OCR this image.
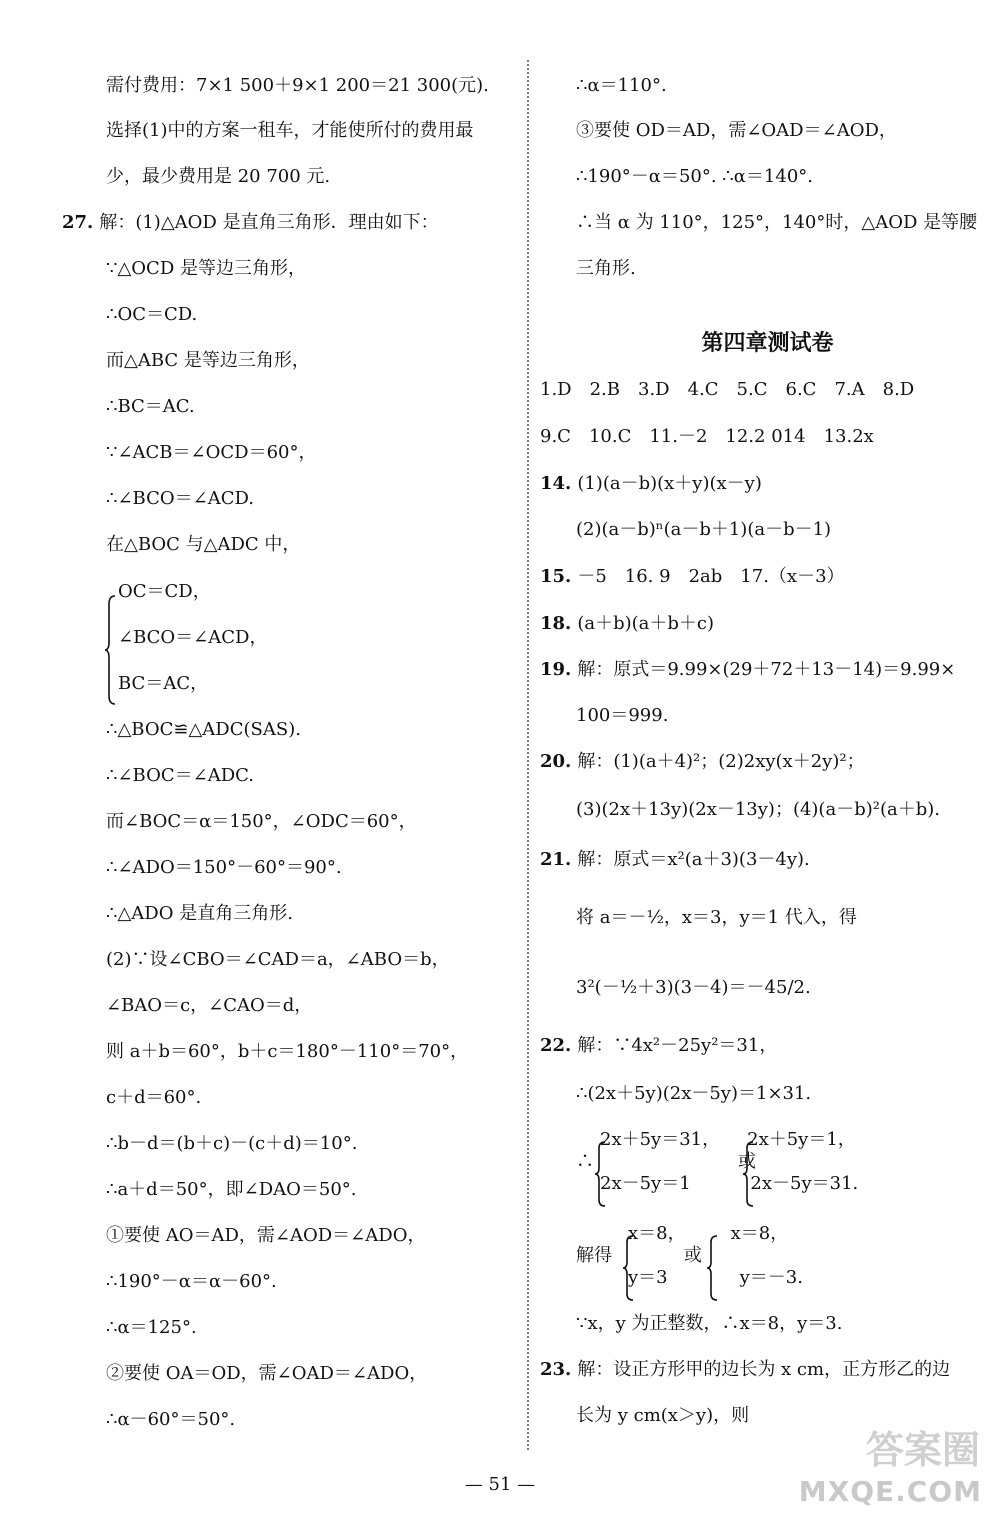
需付费用：7×1 500＋9×1 200＝21 300(元).
选择(1)中的方案一租车，才能使所付的费用最
少，最少费用是 20 700 元.
27. 解：(1)△AOD 是直角三角形．理由如下：
∵△OCD 是等边三角形，
∴OC＝CD.
而△ABC 是等边三角形，
∴BC＝AC.
∵∠ACB＝∠OCD＝60°，
∴∠BCO＝∠ACD.
在△BOC 与△ADC 中，
OC＝CD，
∠BCO＝∠ACD，
BC＝AC，
∴△BOC≌△ADC(SAS).
∴∠BOC＝∠ADC.
而∠BOC＝α＝150°，∠ODC＝60°，
∴∠ADO＝150°－60°＝90°.
∴△ADO 是直角三角形.
(2)∵设∠CBO＝∠CAD＝a，∠ABO＝b，
∠BAO＝c，∠CAO＝d，
则 a＋b＝60°，b＋c＝180°－110°＝70°，
c＋d＝60°.
∴b－d＝(b＋c)－(c＋d)＝10°.
∴a＋d＝50°，即∠DAO＝50°.
①要使 AO＝AD，需∠AOD＝∠ADO，
∴190°－α＝α－60°.
∴α＝125°.
②要使 OA＝OD，需∠OAD＝∠ADO，
∴α－60°＝50°.
∴α＝110°.
③要使 OD＝AD，需∠OAD＝∠AOD，
∴190°－α＝50°. ∴α＝140°.
∴当 α 为 110°，125°，140°时，△AOD 是等腰
三角形.
1.D　2.B　3.D　4.C　5.C　6.C　7.A　8.D
9.C　10.C　11.－2　12.2 014　13.2x
14. (1)(a－b)(x＋y)(x－y)
(2)(a－b)ⁿ(a－b＋1)(a－b－1)
15. －5　16. 9　2ab　17.（x－3）
18. (a＋b)(a＋b＋c)
19. 解：原式＝9.99×(29＋72＋13－14)＝9.99×
100＝999.
20. 解：(1)(a＋4)²；(2)2xy(x＋2y)²；
(3)(2x＋13y)(2x－13y)；(4)(a－b)²(a＋b).
21. 解：原式＝x²(a＋3)(3－4y).
将 a＝－½，x＝3，y＝1 代入，得
3²(－½＋3)(3－4)＝－45/2.
22. 解：∵4x²－25y²＝31，
∴(2x＋5y)(2x－5y)＝1×31.
2x＋5y＝31，　　2x＋5y＝1，
∴　　　　　　　　或
2x－5y＝1　　　 2x－5y＝31.
x＝8，　　　x＝8，
解得　　　　或
y＝3　　　　y＝－3.
∵x，y 为正整数，∴x＝8，y＝3.
23. 解：设正方形甲的边长为 x cm，正方形乙的边
长为 y cm(x＞y)，则
第四章测试卷
— 51 —
答案圈
MXQE.COM
